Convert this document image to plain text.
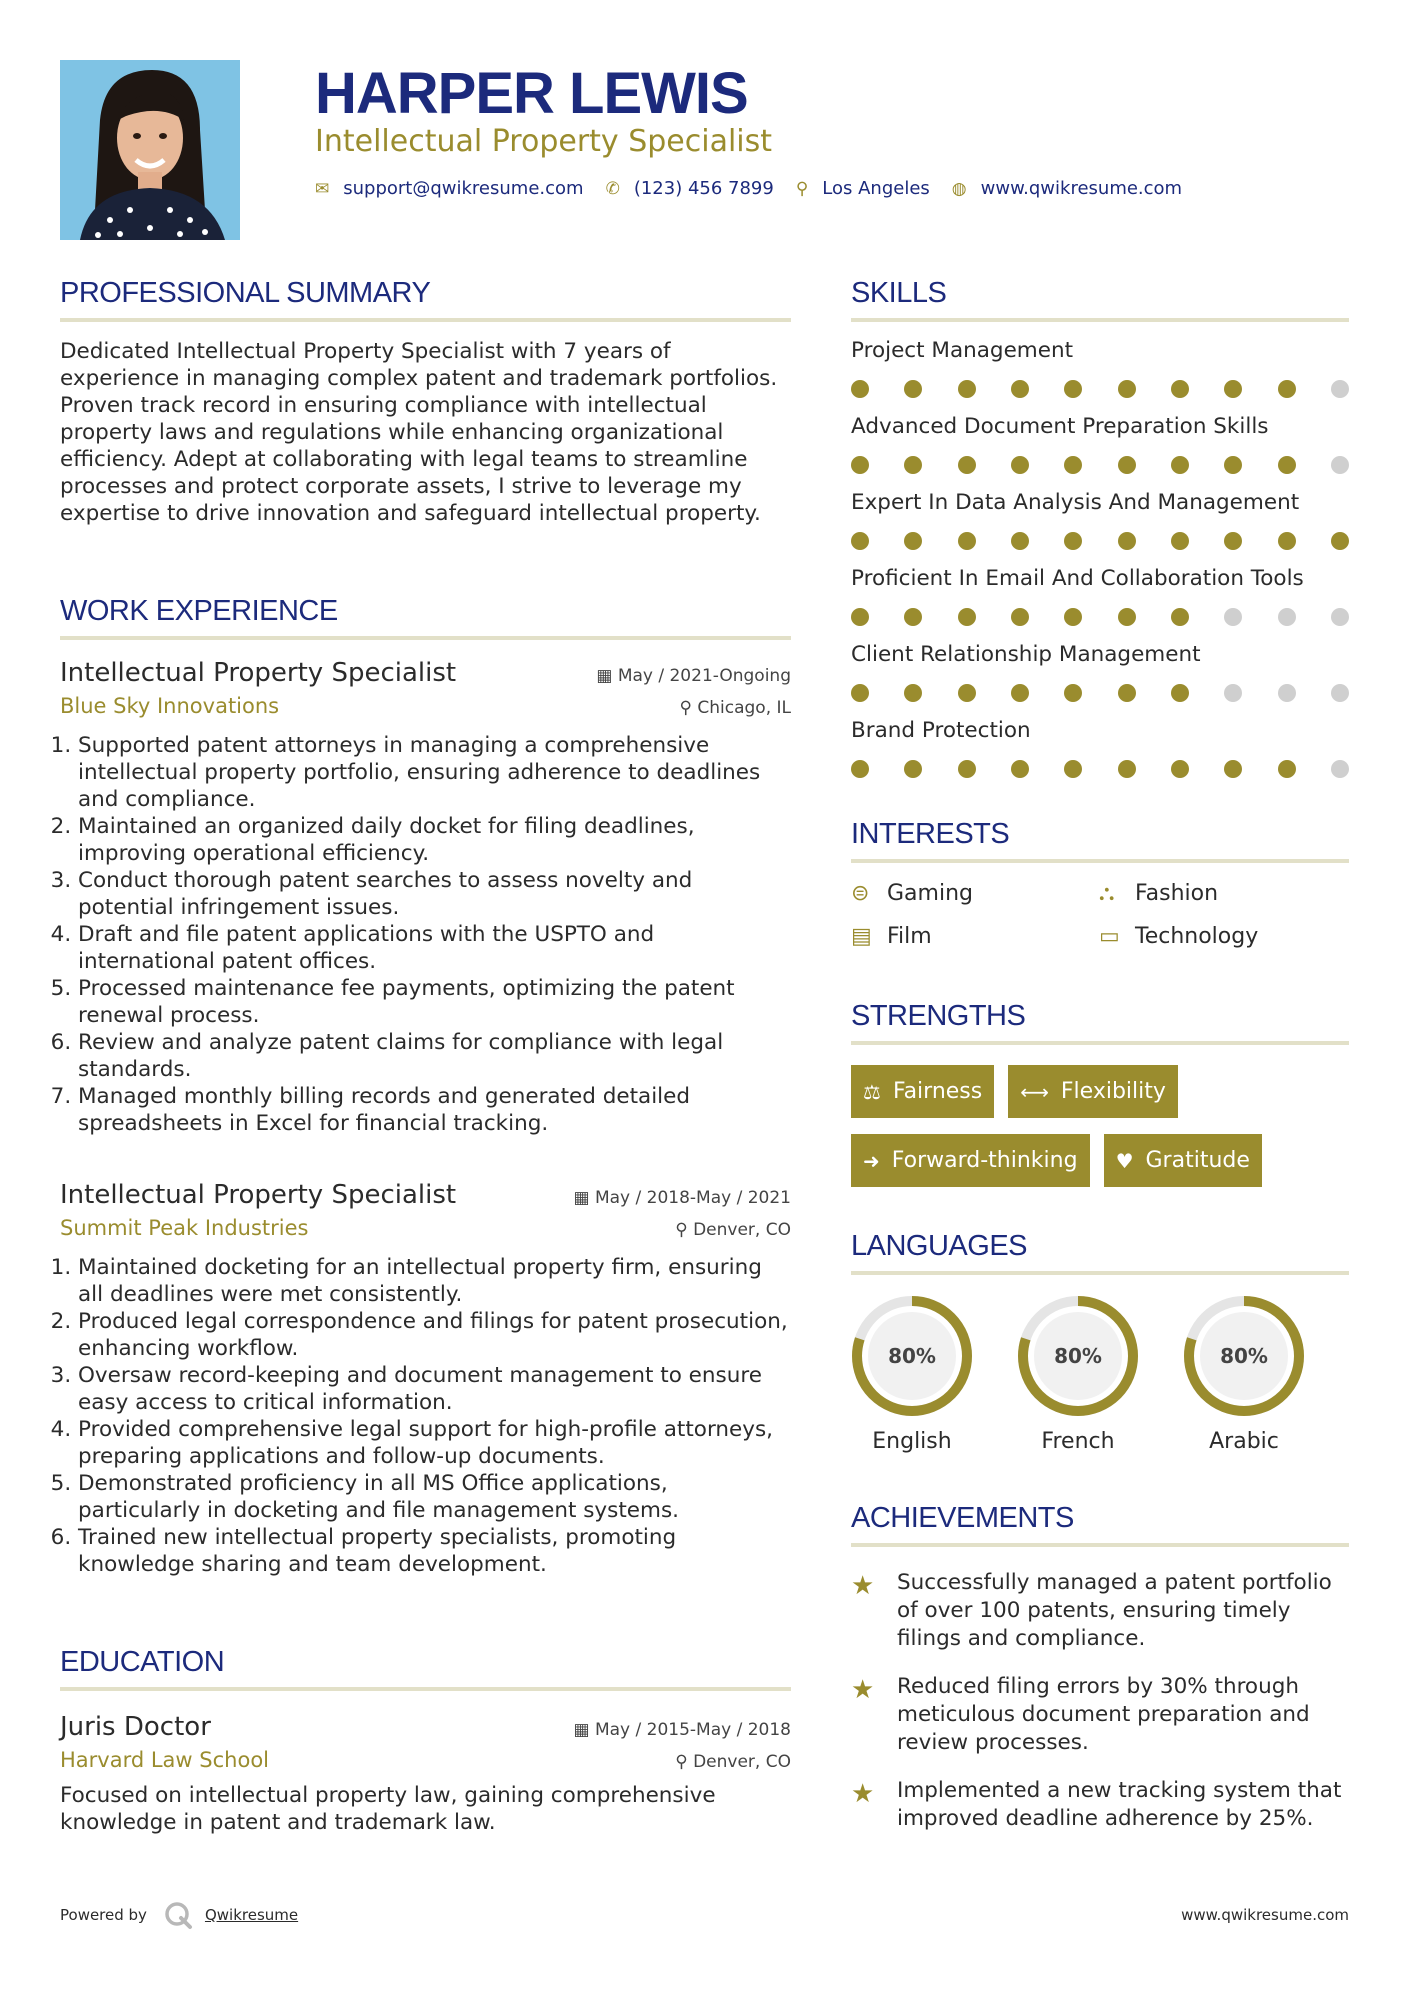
HARPER LEWIS
Intellectual Property Specialist
✉ support@qwikresume.com ✆ (123) 456 7899 ⚲ Los Angeles ◍ www.qwikresume.com
PROFESSIONAL SUMMARY
Dedicated Intellectual Property Specialist with 7 years of experience in managing complex patent and trademark portfolios. Proven track record in ensuring compliance with intellectual property laws and regulations while enhancing organizational efficiency. Adept at collaborating with legal teams to streamline processes and protect corporate assets, I strive to leverage my expertise to drive innovation and safeguard intellectual property.
WORK EXPERIENCE
Intellectual Property Specialist	▦ May / 2021-Ongoing
Blue Sky Innovations	⚲ Chicago, IL
1. Supported patent attorneys in managing a comprehensive intellectual property portfolio, ensuring adherence to deadlines and compliance.
2. Maintained an organized daily docket for filing deadlines, improving operational efficiency.
3. Conduct thorough patent searches to assess novelty and potential infringement issues.
4. Draft and file patent applications with the USPTO and international patent offices.
5. Processed maintenance fee payments, optimizing the patent renewal process.
6. Review and analyze patent claims for compliance with legal standards.
7. Managed monthly billing records and generated detailed spreadsheets in Excel for financial tracking.
Intellectual Property Specialist	▦ May / 2018-May / 2021
Summit Peak Industries	⚲ Denver, CO
1. Maintained docketing for an intellectual property firm, ensuring all deadlines were met consistently.
2. Produced legal correspondence and filings for patent prosecution, enhancing workflow.
3. Oversaw record-keeping and document management to ensure easy access to critical information.
4. Provided comprehensive legal support for high-profile attorneys, preparing applications and follow-up documents.
5. Demonstrated proficiency in all MS Office applications, particularly in docketing and file management systems.
6. Trained new intellectual property specialists, promoting knowledge sharing and team development.
EDUCATION
Juris Doctor	▦ May / 2015-May / 2018
Harvard Law School	⚲ Denver, CO
Focused on intellectual property law, gaining comprehensive knowledge in patent and trademark law.
SKILLS
Project Management
Advanced Document Preparation Skills
Expert In Data Analysis And Management
Proficient In Email And Collaboration Tools
Client Relationship Management
Brand Protection
INTERESTS
⊜ Gaming	⛬ Fashion
▤ Film	▭ Technology
STRENGTHS
⚖ Fairness ⟷ Flexibility
➜ Forward-thinking ♥ Gratitude
LANGUAGES
80%
English
80%
French
80%
Arabic
ACHIEVEMENTS
★	Successfully managed a patent portfolio of over 100 patents, ensuring timely filings and compliance.
★	Reduced filing errors by 30% through meticulous document preparation and review processes.
★	Implemented a new tracking system that improved deadline adherence by 25%.
Powered by	Qwikresume	www.qwikresume.com
